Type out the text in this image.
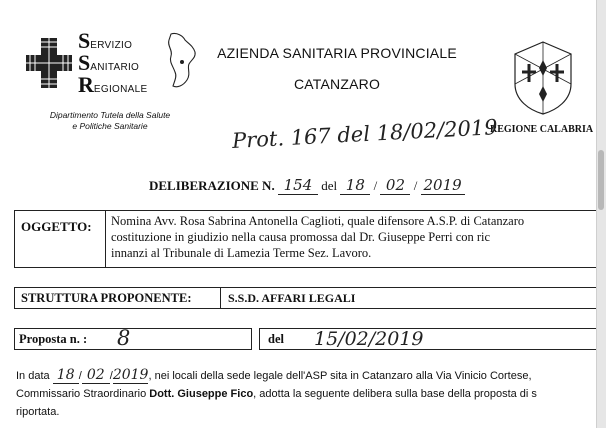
SERVIZIO
SANITARIO
REGIONALE
Dipartimento Tutela della Salute
e Politiche Sanitarie
AZIENDA SANITARIA PROVINCIALE
CATANZARO
REGIONE CALABRIA
Prot. 167 del 18/02/2019
DELIBERAZIONE N. 154 del 18 / 02 / 2019
OGGETTO: Nomina Avv. Rosa Sabrina Antonella Caglioti, quale difensore A.S.P. di Catanzaro
costituzione in giudizio nella causa promossa dal Dr. Giuseppe Perri con ric
innanzi al Tribunale di Lamezia Terme Sez. Lavoro.
STRUTTURA PROPONENTE:	S.S.D. AFFARI LEGALI
Proposta n. : 8	del 15/02/2019
In data 18 / 02 /2019, nei locali della sede legale dell'ASP sita in Catanzaro alla Via Vinicio Cortese,
Commissario Straordinario Dott. Giuseppe Fico, adotta la seguente delibera sulla base della proposta di s
riportata.
